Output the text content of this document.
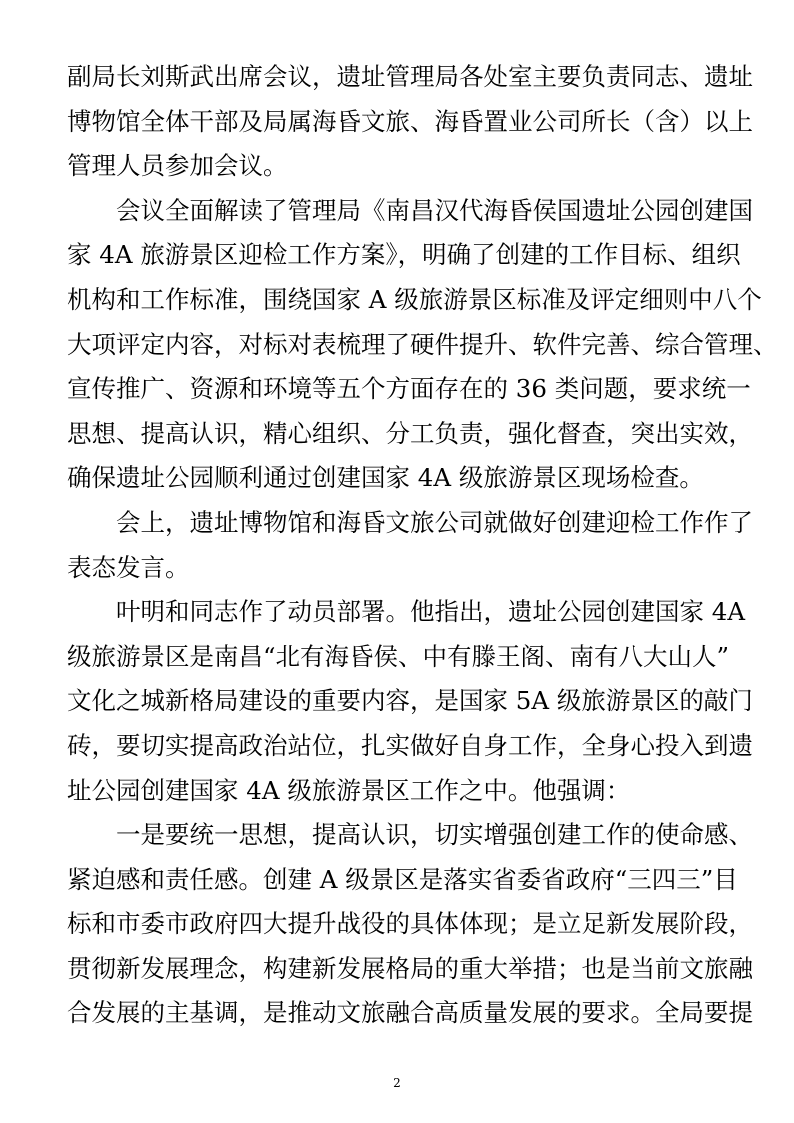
副局长刘斯武出席会议，遗址管理局各处室主要负责同志、遗址
博物馆全体干部及局属海昏文旅、海昏置业公司所长（含）以上
管理人员参加会议。
会议全面解读了管理局《南昌汉代海昏侯国遗址公园创建国
家 4A 旅游景区迎检工作方案》，明确了创建的工作目标、组织
机构和工作标准，围绕国家 A 级旅游景区标准及评定细则中八个
大项评定内容，对标对表梳理了硬件提升、软件完善、综合管理、
宣传推广、资源和环境等五个方面存在的 36 类问题，要求统一
思想、提高认识，精心组织、分工负责，强化督查，突出实效，
确保遗址公园顺利通过创建国家 4A 级旅游景区现场检查。
会上，遗址博物馆和海昏文旅公司就做好创建迎检工作作了
表态发言。
叶明和同志作了动员部署。他指出，遗址公园创建国家 4A
级旅游景区是南昌“北有海昏侯、中有滕王阁、南有八大山人”
文化之城新格局建设的重要内容，是国家 5A 级旅游景区的敲门
砖，要切实提高政治站位，扎实做好自身工作，全身心投入到遗
址公园创建国家 4A 级旅游景区工作之中。他强调：
一是要统一思想，提高认识，切实增强创建工作的使命感、
紧迫感和责任感。创建 A 级景区是落实省委省政府“三四三”目
标和市委市政府四大提升战役的具体体现；是立足新发展阶段，
贯彻新发展理念，构建新发展格局的重大举措；也是当前文旅融
合发展的主基调，是推动文旅融合高质量发展的要求。全局要提
2
